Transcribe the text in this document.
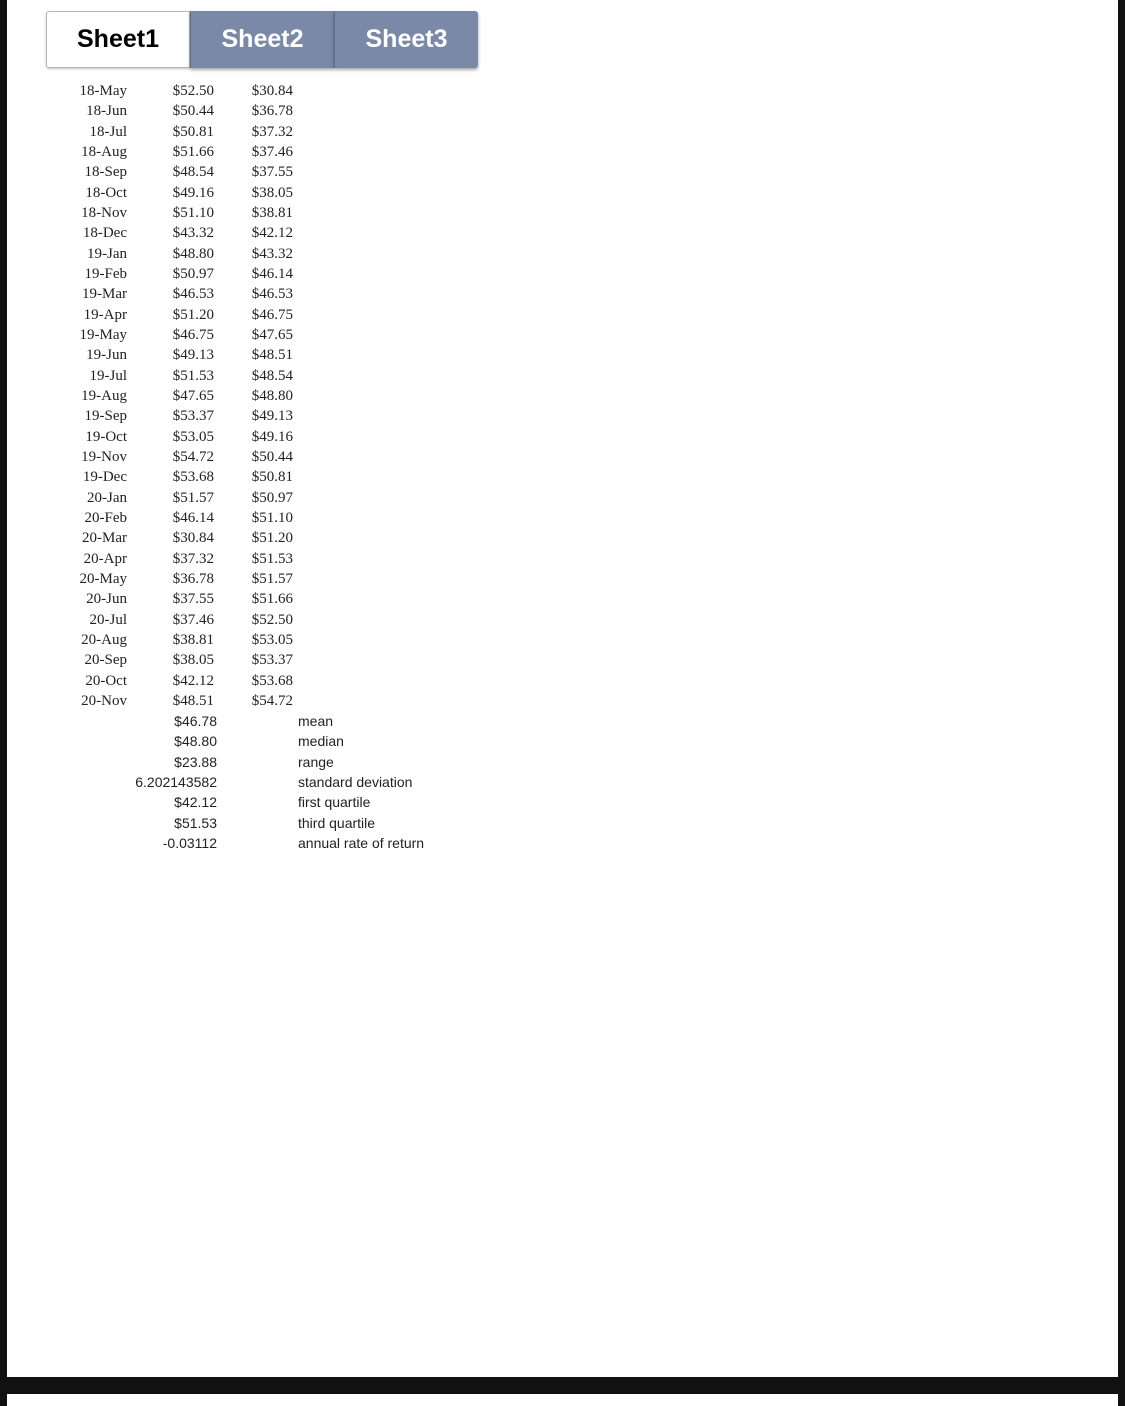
Sheet1	Sheet2	Sheet3
18-May	$52.50	$30.84
18-Jun	$50.44	$36.78
18-Jul	$50.81	$37.32
18-Aug	$51.66	$37.46
18-Sep	$48.54	$37.55
18-Oct	$49.16	$38.05
18-Nov	$51.10	$38.81
18-Dec	$43.32	$42.12
19-Jan	$48.80	$43.32
19-Feb	$50.97	$46.14
19-Mar	$46.53	$46.53
19-Apr	$51.20	$46.75
19-May	$46.75	$47.65
19-Jun	$49.13	$48.51
19-Jul	$51.53	$48.54
19-Aug	$47.65	$48.80
19-Sep	$53.37	$49.13
19-Oct	$53.05	$49.16
19-Nov	$54.72	$50.44
19-Dec	$53.68	$50.81
20-Jan	$51.57	$50.97
20-Feb	$46.14	$51.10
20-Mar	$30.84	$51.20
20-Apr	$37.32	$51.53
20-May	$36.78	$51.57
20-Jun	$37.55	$51.66
20-Jul	$37.46	$52.50
20-Aug	$38.81	$53.05
20-Sep	$38.05	$53.37
20-Oct	$42.12	$53.68
20-Nov	$48.51	$54.72
$46.78	mean
$48.80	median
$23.88	range
6.202143582	standard deviation
$42.12	first quartile
$51.53	third quartile
-0.03112	annual rate of return
